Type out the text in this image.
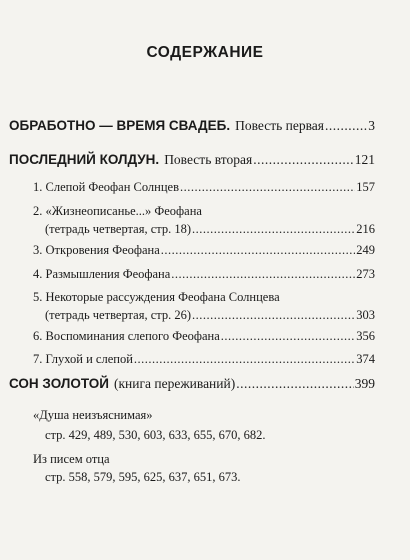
СОДЕРЖАНИЕ
ОБРАБОТНО — ВРЕМЯ СВАДЕБ. Повесть первая .....	3
ПОСЛЕДНИЙ КОЛДУН. Повесть вторая .....	121
1. Слепой Феофан Солнцев .....	157
2. «Жизнеописанье...» Феофана
(тетрадь четвертая, стр. 18) .....	216
3. Откровения Феофана .....	249
4. Размышления Феофана .....	273
5. Некоторые рассуждения Феофана Солнцева
(тетрадь четвертая, стр. 26) .....	303
6. Воспоминания слепого Феофана .....	356
7. Глухой и слепой .....	374
СОН ЗОЛОТОЙ (книга переживаний) .....	399
«Душа неизъяснимая»
стр. 429, 489, 530, 603, 633, 655, 670, 682.
Из писем отца
стр. 558, 579, 595, 625, 637, 651, 673.
